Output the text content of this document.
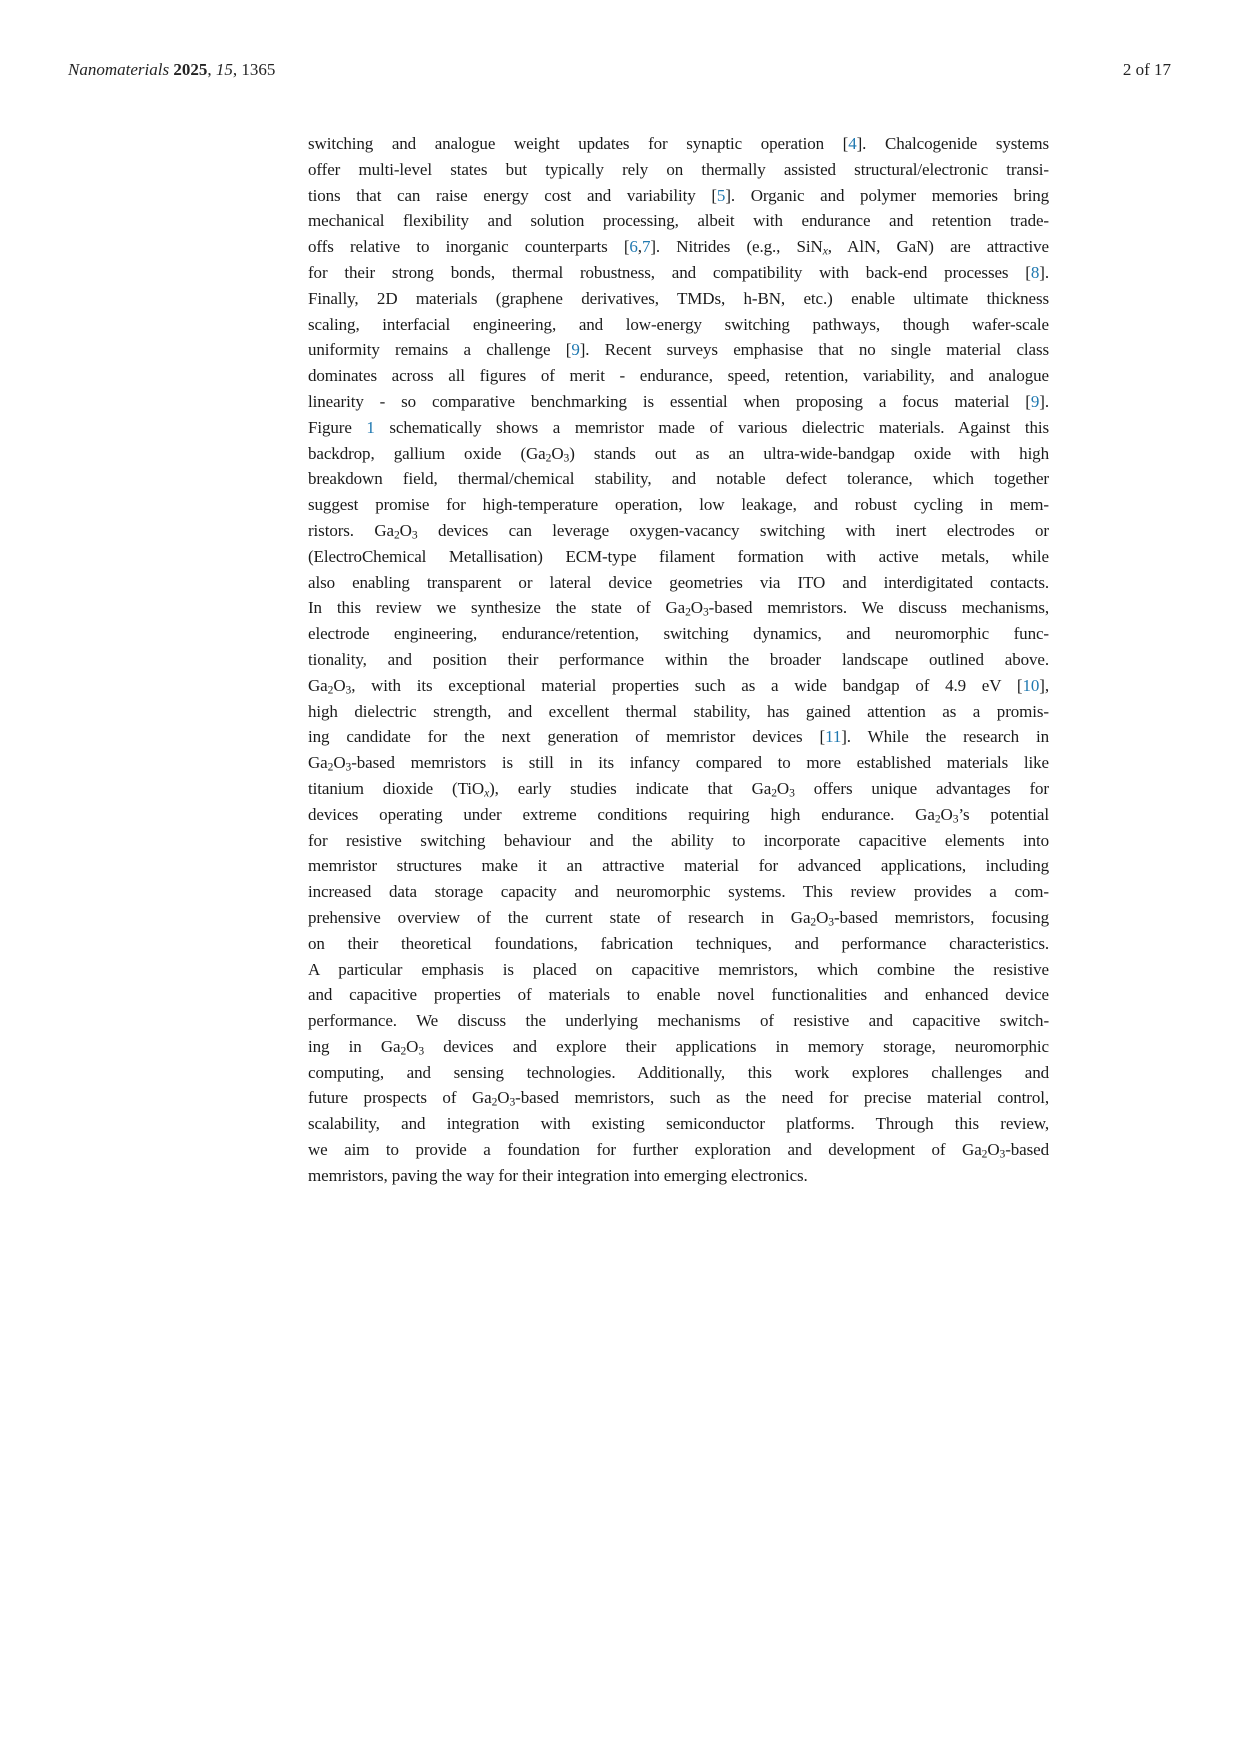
Nanomaterials 2025, 15, 1365	2 of 17
switching and analogue weight updates for synaptic operation [4]. Chalcogenide systems
offer multi-level states but typically rely on thermally assisted structural/electronic transi-
tions that can raise energy cost and variability [5]. Organic and polymer memories bring
mechanical flexibility and solution processing, albeit with endurance and retention trade-
offs relative to inorganic counterparts [6,7]. Nitrides (e.g., SiN$_x$, AlN, GaN) are attractive
for their strong bonds, thermal robustness, and compatibility with back-end processes [8].
Finally, 2D materials (graphene derivatives, TMDs, h-BN, etc.) enable ultimate thickness
scaling, interfacial engineering, and low-energy switching pathways, though wafer-scale
uniformity remains a challenge [9]. Recent surveys emphasise that no single material class
dominates across all figures of merit - endurance, speed, retention, variability, and analogue
linearity - so comparative benchmarking is essential when proposing a focus material [9].
Figure 1 schematically shows a memristor made of various dielectric materials. Against this
backdrop, gallium oxide $(Ga_2O_3)$ stands out as an ultra-wide-bandgap oxide with high
breakdown field, thermal/chemical stability, and notable defect tolerance, which together
suggest promise for high-temperature operation, low leakage, and robust cycling in mem-
ristors. $Ga_2O_3$ devices can leverage oxygen-vacancy switching with inert electrodes or
(ElectroChemical Metallisation) ECM-type filament formation with active metals, while
also enabling transparent or lateral device geometries via ITO and interdigitated contacts.
In this review we synthesize the state of $Ga_2O_3$-based memristors. We discuss mechanisms,
electrode engineering, endurance/retention, switching dynamics, and neuromorphic func-
tionality, and position their performance within the broader landscape outlined above.
$Ga_2O_3$, with its exceptional material properties such as a wide bandgap of 4.9 eV [10],
high dielectric strength, and excellent thermal stability, has gained attention as a promis-
ing candidate for the next generation of memristor devices [11]. While the research in
$Ga_2O_3$-based memristors is still in its infancy compared to more established materials like
titanium dioxide (TiO$_x$), early studies indicate that $Ga_2O_3$ offers unique advantages for
devices operating under extreme conditions requiring high endurance. $Ga_2O_3’s$ potential
for resistive switching behaviour and the ability to incorporate capacitive elements into
memristor structures make it an attractive material for advanced applications, including
increased data storage capacity and neuromorphic systems. This review provides a com-
prehensive overview of the current state of research in $Ga_2O_3$-based memristors, focusing
on their theoretical foundations, fabrication techniques, and performance characteristics.
A particular emphasis is placed on capacitive memristors, which combine the resistive
and capacitive properties of materials to enable novel functionalities and enhanced device
performance. We discuss the underlying mechanisms of resistive and capacitive switch-
ing in $Ga_2O_3$ devices and explore their applications in memory storage, neuromorphic
computing, and sensing technologies. Additionally, this work explores challenges and
future prospects of $Ga_2O_3$-based memristors, such as the need for precise material control,
scalability, and integration with existing semiconductor platforms. Through this review,
we aim to provide a foundation for further exploration and development of $Ga_2O_3$-based
memristors, paving the way for their integration into emerging electronics.
